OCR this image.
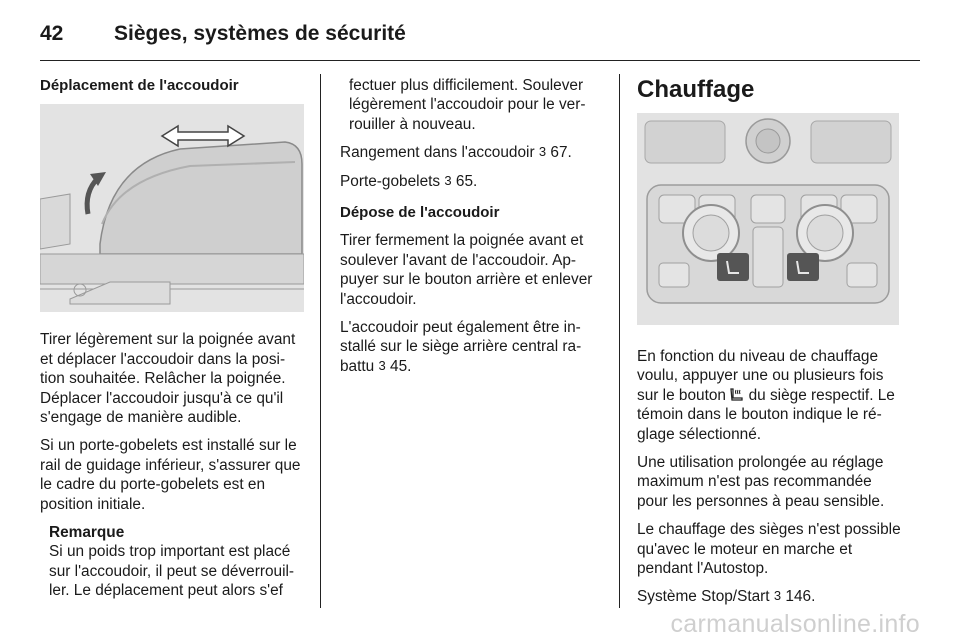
42 Sièges, systèmes de sécurité

Déplacement de l'accoudoir

Tirer légèrement sur la poignée avant et déplacer l'accoudoir dans la position souhaitée. Relâcher la poignée. Déplacer l'accoudoir jusqu'à ce qu'il s'engage de manière audible.

Si un porte-gobelets est installé sur le rail de guidage inférieur, s'assurer que le cadre du porte-gobelets est en position initiale.

Remarque
Si un poids trop important est placé sur l'accoudoir, il peut se déverrouiller. Le déplacement peut alors s'ef

fectuer plus difficilement. Soulever légèrement l'accoudoir pour le verrouiller à nouveau.

Rangement dans l'accoudoir 3 67.

Porte-gobelets 3 65.

Dépose de l'accoudoir

Tirer fermement la poignée avant et soulever l'avant de l'accoudoir. Appuyer sur le bouton arrière et enlever l'accoudoir.

L'accoudoir peut également être installé sur le siège arrière central rabattu 3 45.

Chauffage

En fonction du niveau de chauffage voulu, appuyer une ou plusieurs fois sur le bouton du siège respectif. Le témoin dans le bouton indique le réglage sélectionné.

Une utilisation prolongée au réglage maximum n'est pas recommandée pour les personnes à peau sensible.

Le chauffage des sièges n'est possible qu'avec le moteur en marche et pendant l'Autostop.

Système Stop/Start 3 146.

carmanualsonline.info
